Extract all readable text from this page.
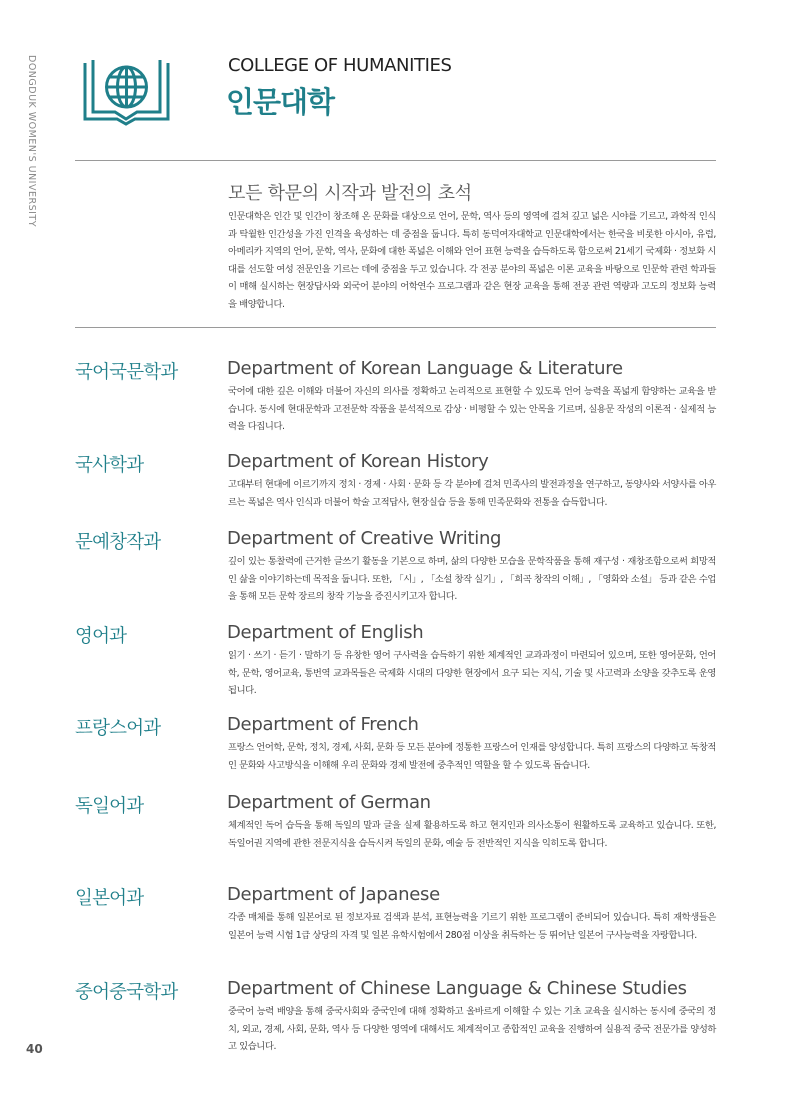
DONGDUK WOMEN'S UNIVERSITY	COLLEGE OF HUMANITIES
인문대학
모든 학문의 시작과 발전의 초석

인문대학은 인간 및 인간이 창조해 온 문화를 대상으로 언어, 문학, 역사 등의 영역에 걸쳐 깊고 넓은 시야를 기르고, 과학적 인식과 탁월한 인간성을 가진 인격을 육성하는 데 중점을 둡니다. 특히 동덕여자대학교 인문대학에서는 한국을 비롯한 아시아, 유럽, 아메리카 지역의 언어, 문학, 역사, 문화에 대한 폭넓은 이해와 언어 표현 능력을 습득하도록 함으로써 21세기 국제화 · 정보화 시대를 선도할 여성 전문인을 기르는 데에 중점을 두고 있습니다. 각 전공 분야의 폭넓은 이론 교육을 바탕으로 인문학 관련 학과들이 매해 실시하는 현장답사와 외국어 분야의 어학연수 프로그램과 같은 현장 교육을 통해 전공 관련 역량과 고도의 정보화 능력을 배양합니다.

국어국문학과	Department of Korean Language & Literature

국어에 대한 깊은 이해와 더불어 자신의 의사를 정확하고 논리적으로 표현할 수 있도록 언어 능력을 폭넓게 함양하는 교육을 받습니다. 동시에 현대문학과 고전문학 작품을 분석적으로 감상 · 비평할 수 있는 안목을 기르며, 실용문 작성의 이론적 · 실제적 능력을 다집니다.

국사학과	Department of Korean History

고대부터 현대에 이르기까지 정치 · 경제 · 사회 · 문화 등 각 분야에 걸쳐 민족사의 발전과정을 연구하고, 동양사와 서양사를 아우르는 폭넓은 역사 인식과 더불어 학술 고적답사, 현장실습 등을 통해 민족문화와 전통을 습득합니다.

문예창작과	Department of Creative Writing

깊이 있는 통찰력에 근거한 글쓰기 활동을 기본으로 하며, 삶의 다양한 모습을 문학작품을 통해 재구성 · 재창조함으로써 희망적인 삶을 이야기하는데 목적을 둡니다. 또한, 「시」, 「소설 창작 실기」, 「희곡 창작의 이해」, 「영화와 소설」 등과 같은 수업을 통해 모든 문학 장르의 창작 기능을 증진시키고자 합니다.

영어과	Department of English

읽기 · 쓰기 · 듣기 · 말하기 등 유창한 영어 구사력을 습득하기 위한 체계적인 교과과정이 마련되어 있으며, 또한 영어문화, 언어학, 문학, 영어교육, 통번역 교과목들은 국제화 시대의 다양한 현장에서 요구 되는 지식, 기술 및 사고력과 소양을 갖추도록 운영됩니다.

프랑스어과	Department of French

프랑스 언어학, 문학, 정치, 경제, 사회, 문화 등 모든 분야에 정통한 프랑스어 인재를 양성합니다. 특히 프랑스의 다양하고 독창적인 문화와 사고방식을 이해해 우리 문화와 경제 발전에 중추적인 역할을 할 수 있도록 돕습니다.

독일어과	Department of German

체계적인 독어 습득을 통해 독일의 말과 글을 실제 활용하도록 하고 현지인과 의사소통이 원활하도록 교육하고 있습니다. 또한, 독일어권 지역에 관한 전문지식을 습득시켜 독일의 문화, 예술 등 전반적인 지식을 익히도록 합니다.

일본어과	Department of Japanese

각종 매체를 통해 일본어로 된 정보자료 검색과 분석, 표현능력을 기르기 위한 프로그램이 준비되어 있습니다. 특히 재학생들은 일본어 능력 시험 1급 상당의 자격 및 일본 유학시험에서 280점 이상을 취득하는 등 뛰어난 일본어 구사능력을 자랑합니다.

중어중국학과	Department of Chinese Language & Chinese Studies

중국어 능력 배양을 통해 중국사회와 중국인에 대해 정확하고 올바르게 이해할 수 있는 기초 교육을 실시하는 동시에 중국의 정치, 외교, 경제, 사회, 문화, 역사 등 다양한 영역에 대해서도 체계적이고 종합적인 교육을 진행하여 실용적 중국 전문가를 양성하고 있습니다.

40
